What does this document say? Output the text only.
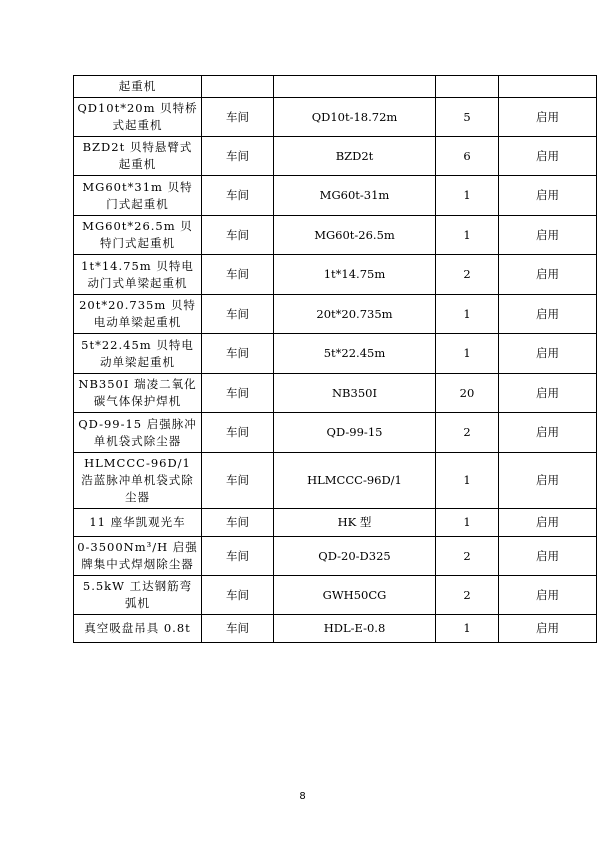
起重机				
QD10t*20m 贝特桥式起重机	车间	QD10t-18.72m	5	启用
BZD2t 贝特悬臂式起重机	车间	BZD2t	6	启用
MG60t*31m 贝特门式起重机	车间	MG60t-31m	1	启用
MG60t*26.5m 贝特门式起重机	车间	MG60t-26.5m	1	启用
1t*14.75m 贝特电动门式单梁起重机	车间	1t*14.75m	2	启用
20t*20.735m 贝特电动单梁起重机	车间	20t*20.735m	1	启用
5t*22.45m 贝特电动单梁起重机	车间	5t*22.45m	1	启用
NB350I 瑞凌二氧化碳气体保护焊机	车间	NB350I	20	启用
QD-99-15 启强脉冲单机袋式除尘器	车间	QD-99-15	2	启用
HLMCCC-96D/1 浩蓝脉冲单机袋式除尘器	车间	HLMCCC-96D/1	1	启用
11 座华凯观光车	车间	HK 型	1	启用
0-3500Nm³/H 启强牌集中式焊烟除尘器	车间	QD-20-D325	2	启用
5.5kW 工达钢筋弯弧机	车间	GWH50CG	2	启用
真空吸盘吊具 0.8t	车间	HDL-E-0.8	1	启用
8
